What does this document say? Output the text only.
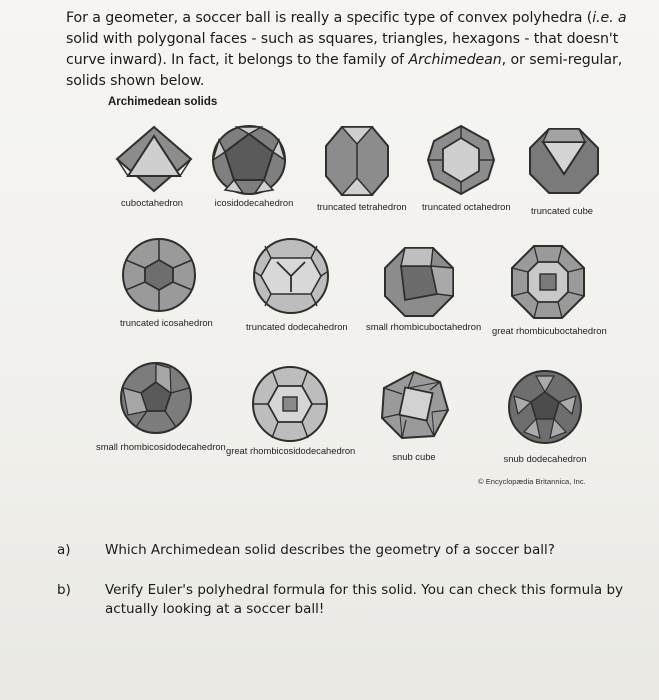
For a geometer, a soccer ball is really a specific type of convex polyhedra (i.e. a solid with polygonal faces - such as squares, triangles, hexagons - that doesn't curve inward). In fact, it belongs to the family of Archimedean, or semi-regular, solids shown below.
Archimedean solids
cuboctahedron	icosidodecahedron	truncated tetrahedron truncated octahedron	truncated cube
truncated icosahedron	truncated dodecahedron small rhombicuboctahedron great rhombicuboctahedron
small rhombicosidodecahedron great rhombicosidodecahedron
snub cube	snub dodecahedron
© Encyclopædia Britannica, Inc.
a)	Which Archimedean solid describes the geometry of a soccer ball?
b)	Verify Euler's polyhedral formula for this solid. You can check this formula by actually looking at a soccer ball!
